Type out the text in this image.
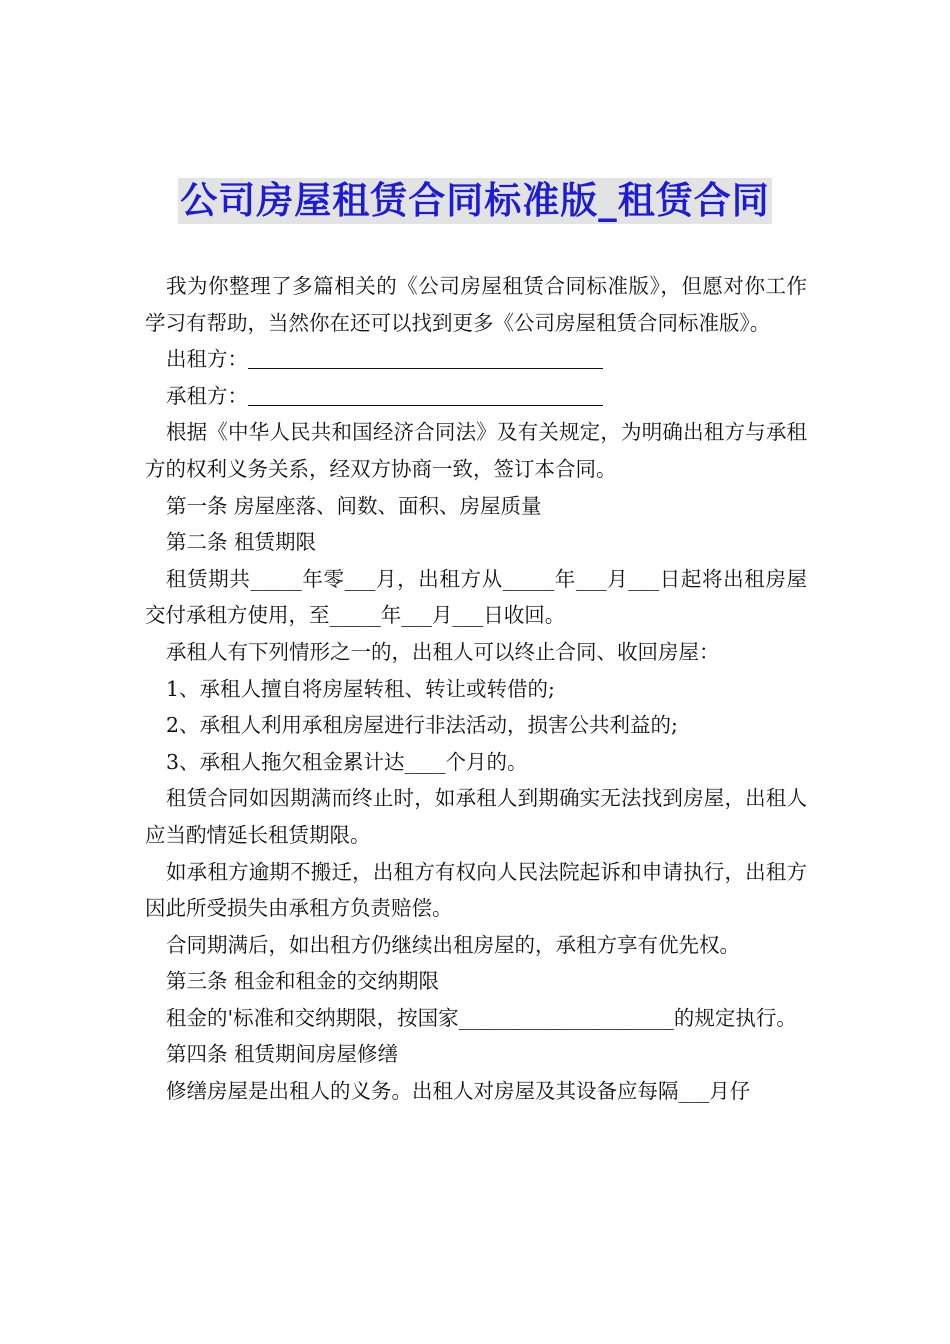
公司房屋租赁合同标准版_租赁合同

我为你整理了多篇相关的《公司房屋租赁合同标准版》，但愿对你工作学习有帮助，当然你在还可以找到更多《公司房屋租赁合同标准版》。

出租方：

承租方：

根据《中华人民共和国经济合同法》及有关规定，为明确出租方与承租方的权利义务关系，经双方协商一致，签订本合同。

第一条 房屋座落、间数、面积、房屋质量

第二条 租赁期限

租赁期共_____年零___月，出租方从_____年___月___日起将出租房屋交付承租方使用，至_____年___月___日收回。

承租人有下列情形之一的，出租人可以终止合同、收回房屋：

1、承租人擅自将房屋转租、转让或转借的;

2、承租人利用承租房屋进行非法活动，损害公共利益的;

3、承租人拖欠租金累计达____个月的。

租赁合同如因期满而终止时，如承租人到期确实无法找到房屋，出租人应当酌情延长租赁期限。

如承租方逾期不搬迁，出租方有权向人民法院起诉和申请执行，出租方因此所受损失由承租方负责赔偿。

合同期满后，如出租方仍继续出租房屋的，承租方享有优先权。

第三条 租金和租金的交纳期限

租金的'标准和交纳期限，按国家_____________________的规定执行。

第四条 租赁期间房屋修缮

修缮房屋是出租人的义务。出租人对房屋及其设备应每隔___月仔
